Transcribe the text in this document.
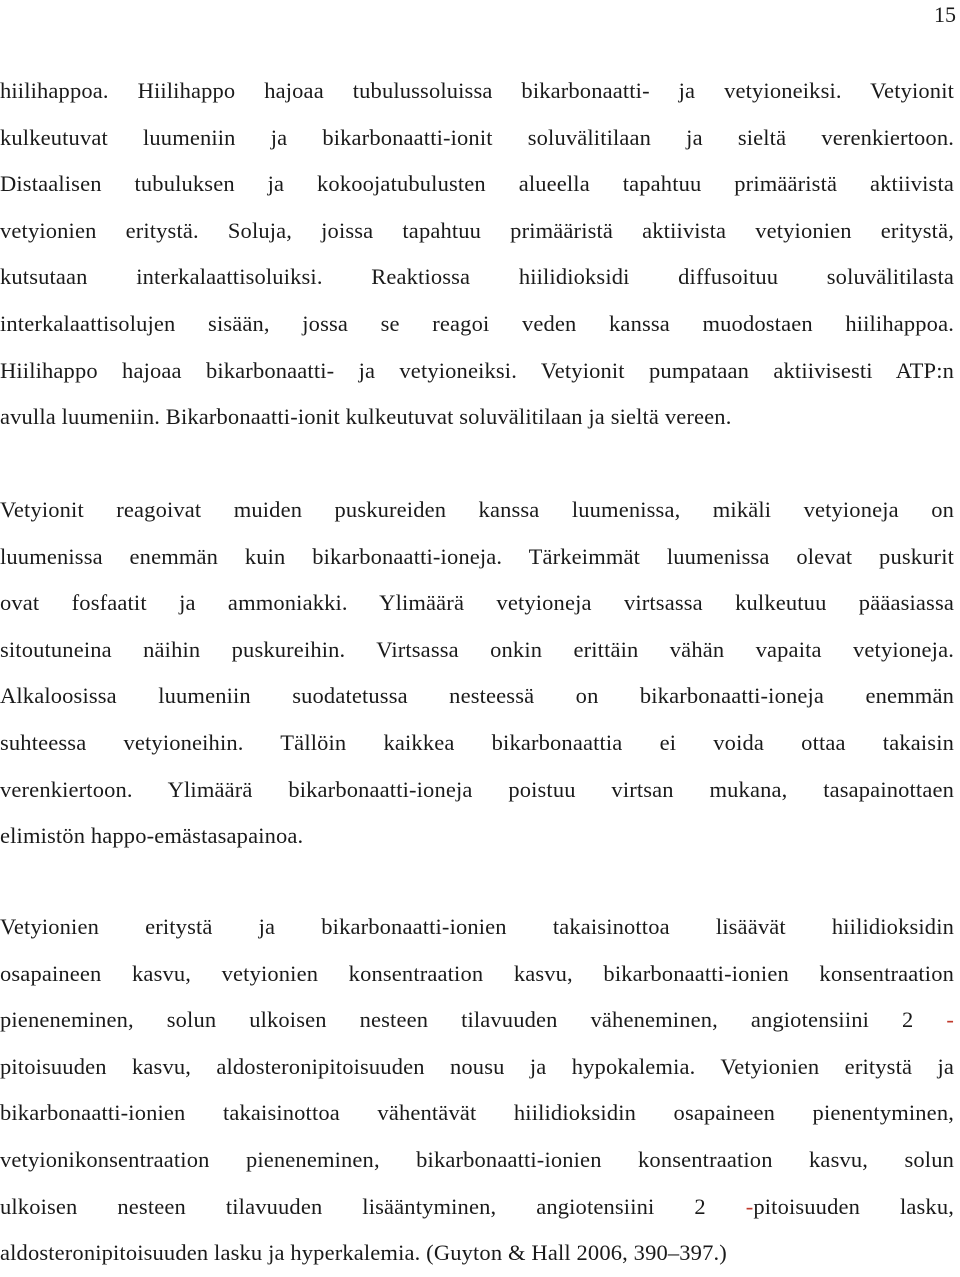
15
hiilihappoa. Hiilihappo hajoaa tubulussoluissa bikarbonaatti- ja vetyioneiksi. Vetyionit
kulkeutuvat luumeniin ja bikarbonaatti-ionit soluvälitilaan ja sieltä verenkiertoon.
Distaalisen tubuluksen ja kokoojatubulusten alueella tapahtuu primääristä aktiivista
vetyionien eritystä. Soluja, joissa tapahtuu primääristä aktiivista vetyionien eritystä,
kutsutaan interkalaattisoluiksi. Reaktiossa hiilidioksidi diffusoituu soluvälitilasta
interkalaattisolujen sisään, jossa se reagoi veden kanssa muodostaen hiilihappoa.
Hiilihappo hajoaa bikarbonaatti- ja vetyioneiksi. Vetyionit pumpataan aktiivisesti ATP:n
avulla luumeniin. Bikarbonaatti-ionit kulkeutuvat soluvälitilaan ja sieltä vereen.
Vetyionit reagoivat muiden puskureiden kanssa luumenissa, mikäli vetyioneja on
luumenissa enemmän kuin bikarbonaatti-ioneja. Tärkeimmät luumenissa olevat puskurit
ovat fosfaatit ja ammoniakki. Ylimäärä vetyioneja virtsassa kulkeutuu pääasiassa
sitoutuneina näihin puskureihin. Virtsassa onkin erittäin vähän vapaita vetyioneja.
Alkaloosissa luumeniin suodatetussa nesteessä on bikarbonaatti-ioneja enemmän
suhteessa vetyioneihin. Tällöin kaikkea bikarbonaattia ei voida ottaa takaisin
verenkiertoon. Ylimäärä bikarbonaatti-ioneja poistuu virtsan mukana, tasapainottaen
elimistön happo-emästasapainoa.
Vetyionien eritystä ja bikarbonaatti-ionien takaisinottoa lisäävät hiilidioksidin
osapaineen kasvu, vetyionien konsentraation kasvu, bikarbonaatti-ionien konsentraation
pieneneminen, solun ulkoisen nesteen tilavuuden väheneminen, angiotensiini 2 -
pitoisuuden kasvu, aldosteronipitoisuuden nousu ja hypokalemia. Vetyionien eritystä ja
bikarbonaatti-ionien takaisinottoa vähentävät hiilidioksidin osapaineen pienentyminen,
vetyionikonsentraation pieneneminen, bikarbonaatti-ionien konsentraation kasvu, solun
ulkoisen nesteen tilavuuden lisääntyminen, angiotensiini 2 -pitoisuuden lasku,
aldosteronipitoisuuden lasku ja hyperkalemia. (Guyton & Hall 2006, 390–397.)
